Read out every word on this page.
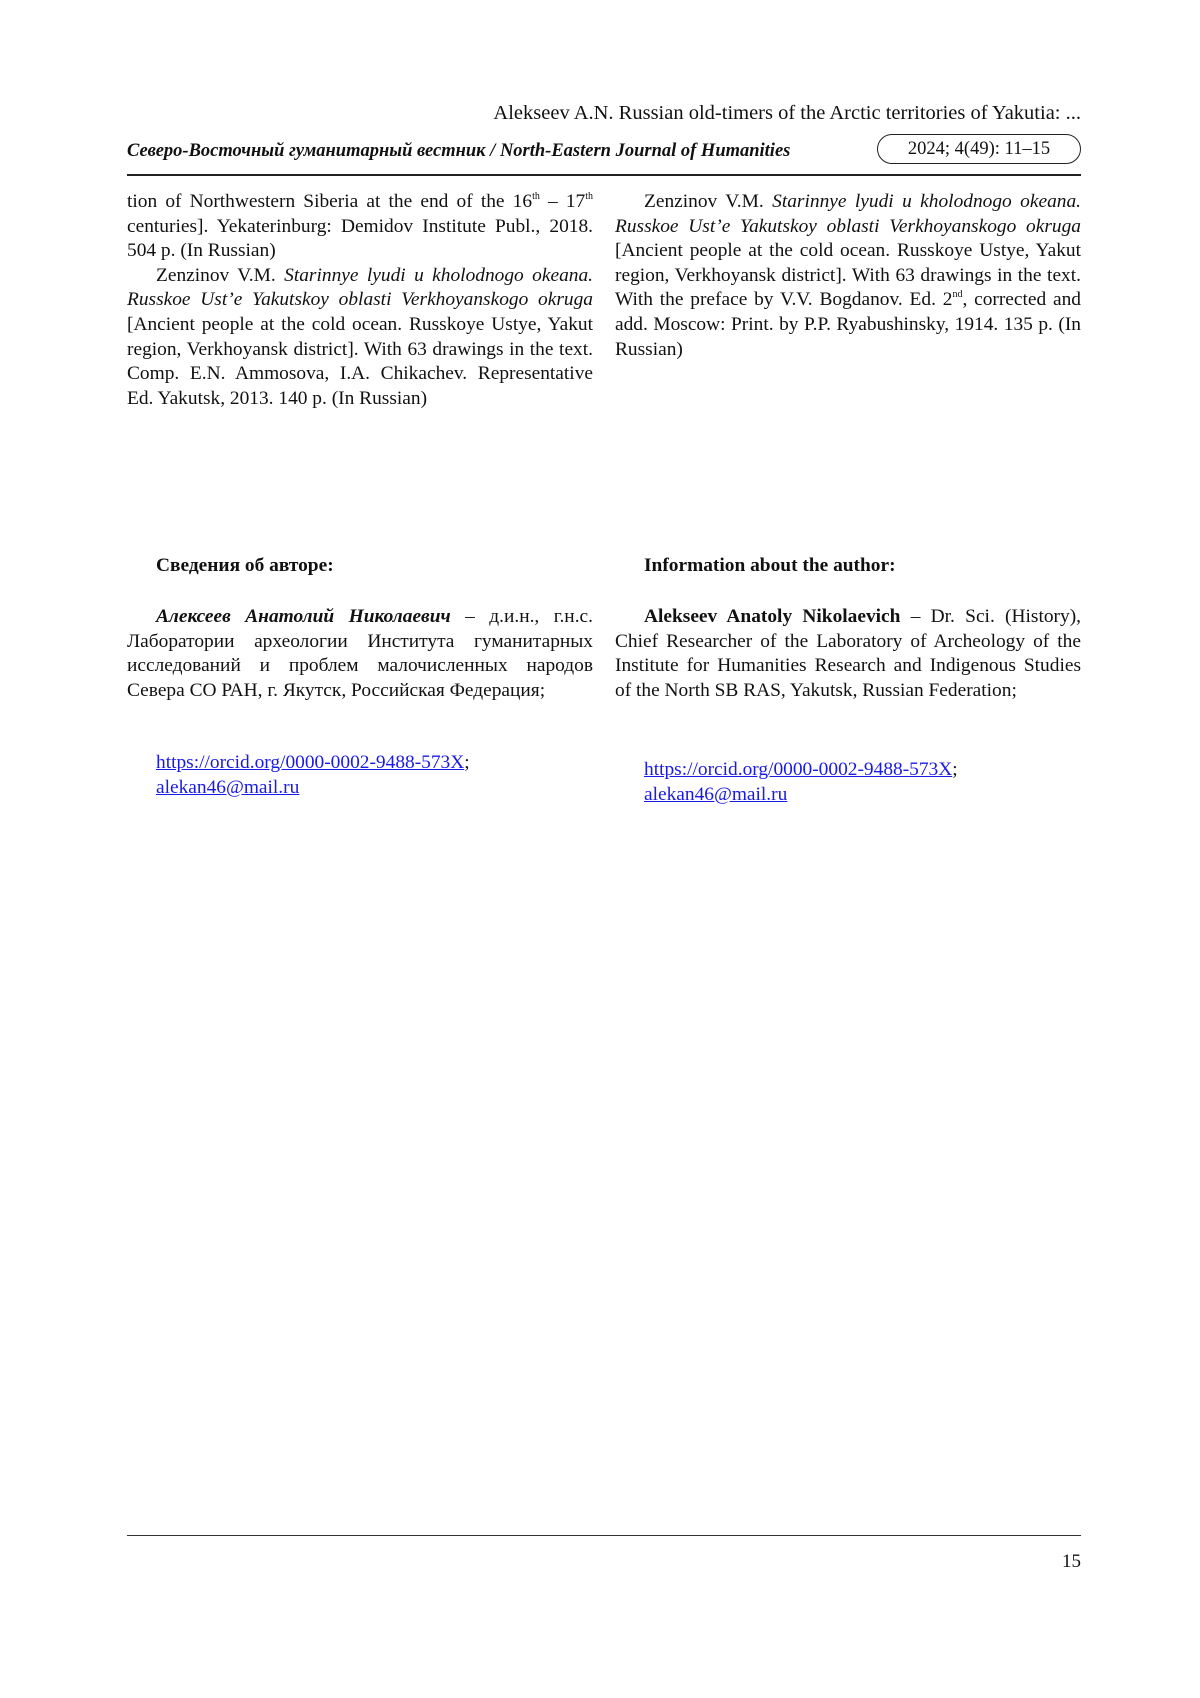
Alekseev A.N. Russian old-timers of the Arctic territories of Yakutia: ...
Северо-Восточный гуманитарный вестник / North-Eastern Journal of Humanities	2024; 4(49): 11–15

tion of Northwestern Siberia at the end of the 16th – 17th centuries]. Yekaterinburg: Demidov Institute Publ., 2018. 504 p. (In Russian)

Zenzinov V.M. Starinnye lyudi u kholodnogo okeana. Russkoe Ust’e Yakutskoy oblasti Verkhoyanskogo okruga [Ancient people at the cold ocean. Russkoye Ustye, Yakut region, Verkhoyansk district]. With 63 drawings in the text. Comp. E.N. Ammosova, I.A. Chikachev. Representative Ed. Yakutsk, 2013. 140 p. (In Russian)

Zenzinov V.M. Starinnye lyudi u kholodnogo okeana. Russkoe Ust’e Yakutskoy oblasti Verkhoyanskogo okruga [Ancient people at the cold ocean. Russkoye Ustye, Yakut region, Verkhoyansk district]. With 63 drawings in the text. With the preface by V.V. Bogdanov. Ed. 2nd, corrected and add. Moscow: Print. by P.P. Ryabushinsky, 1914. 135 p. (In Russian)

Сведения об авторе:	Information about the author:

Алексеев Анатолий Николаевич – д.и.н., г.н.с. Лаборатории археологии Института гуманитарных исследований и проблем малочисленных народов Севера СО РАН, г. Якутск, Российская Федерация;

Alekseev Anatoly Nikolaevich – Dr. Sci. (History), Chief Researcher of the Laboratory of Archeology of the Institute for Humanities Research and Indigenous Studies of the North SB RAS, Yakutsk, Russian Federation;

https://orcid.org/0000-0002-9488-573X;
alekan46@mail.ru
https://orcid.org/0000-0002-9488-573X;
alekan46@mail.ru
15
